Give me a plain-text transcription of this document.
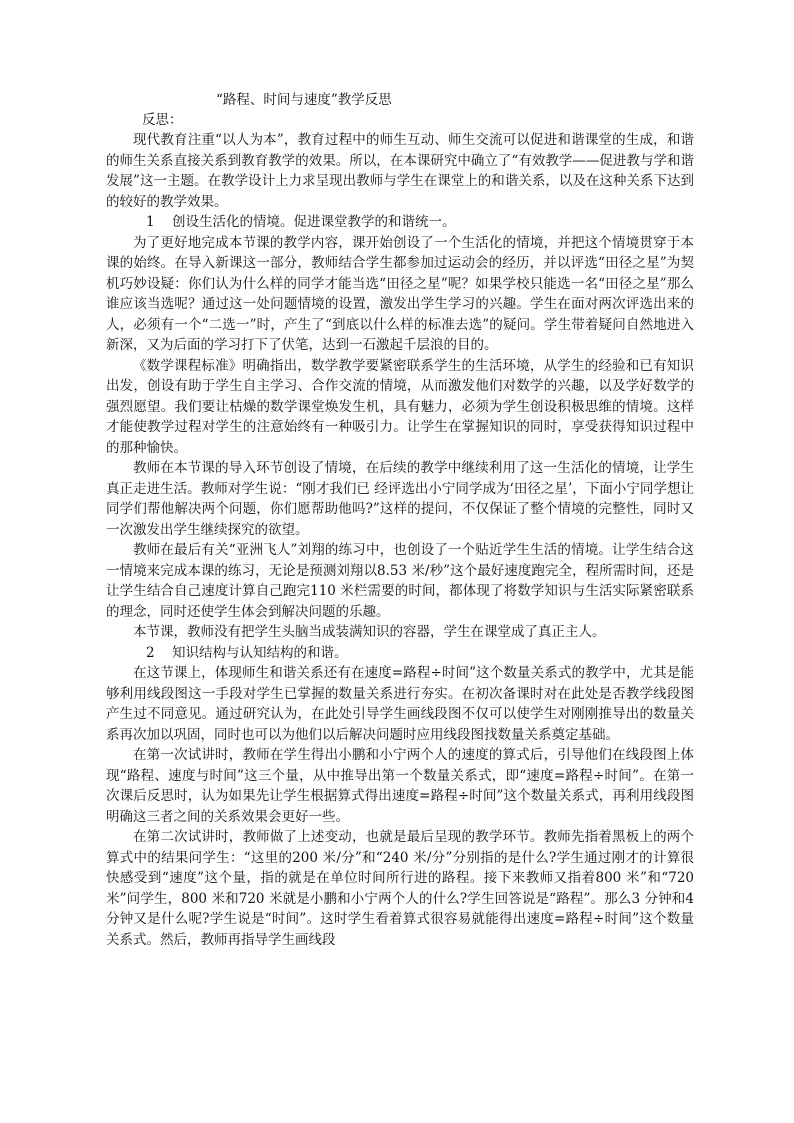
“路程、时间与速度”教学反思

反思：

现代教育注重“以人为本”，教育过程中的师生互动、师生交流可以促进和谐课堂的生成，和谐的师生关系直接关系到教育教学的效果。所以，在本课研究中确立了“有效教学——促进教与学和谐发展”这一主题。在教学设计上力求呈现出教师与学生在课堂上的和谐关系，以及在这种关系下达到的较好的教学效果。

1 创设生活化的情境。促进课堂教学的和谐统一。

为了更好地完成本节课的教学内容，课开始创设了一个生活化的情境，并把这个情境贯穿于本课的始终。在导入新课这一部分，教师结合学生都参加过运动会的经历，并以评选“田径之星”为契机巧妙设疑：你们认为什么样的同学才能当选“田径之星”呢？如果学校只能选一名“田径之星”那么谁应该当选呢？通过这一处问题情境的设置，激发出学生学习的兴趣。学生在面对两次评选出来的人，必须有一个“二选一”时，产生了“到底以什么样的标准去选”的疑问。学生带着疑问自然地进入新深，又为后面的学习打下了伏笔，达到一石激起千层浪的目的。

《数学课程标准》明确指出，数学教学要紧密联系学生的生活环境，从学生的经验和已有知识出发，创设有助于学生自主学习、合作交流的情境，从而激发他们对数学的兴趣，以及学好数学的强烈愿望。我们要让枯燥的数学课堂焕发生机，具有魅力，必须为学生创设积极思维的情境。这样才能使教学过程对学生的注意始终有一种吸引力。让学生在掌握知识的同时，享受获得知识过程中的那种愉快。

教师在本节课的导入环节创设了情境，在后续的教学中继续利用了这一生活化的情境，让学生真正走进生活。教师对学生说：“刚才我们已 经评选出小宁同学成为‘田径之星’，下面小宁同学想让同学们帮他解决两个问题，你们愿帮助他吗?”这样的提问，不仅保证了整个情境的完整性，同时又一次激发出学生继续探究的欲望。

教师在最后有关“亚洲飞人”刘翔的练习中，也创设了一个贴近学生生活的情境。让学生结合这一情境来完成本课的练习，无论是预测刘翔以8.53 米/秒”这个最好速度跑完全，程所需时间，还是让学生结合自己速度计算自己跑完110 米栏需要的时间，都体现了将数学知识与生活实际紧密联系的理念，同时还使学生体会到解决问题的乐趣。

本节课，教师没有把学生头脑当成装满知识的容器，学生在课堂成了真正主人。

2 知识结构与认知结构的和谐。

在这节课上，体现师生和谐关系还有在速度=路程÷时间”这个数量关系式的教学中，尤其是能够利用线段图这一手段对学生已掌握的数量关系进行夯实。在初次备课时对在此处是否教学线段图产生过不同意见。通过研究认为，在此处引导学生画线段图不仅可以使学生对刚刚推导出的数量关系再次加以巩固，同时也可以为他们以后解决问题时应用线段图找数量关系奠定基础。

在第一次试讲时，教师在学生得出小鹏和小宁两个人的速度的算式后，引导他们在线段图上体现“路程、速度与时间”这三个量，从中推导出第一个数量关系式，即“速度=路程÷时间”。在第一次课后反思时，认为如果先让学生根据算式得出速度=路程÷时间”这个数量关系式，再利用线段图明确这三者之间的关系效果会更好一些。

在第二次试讲时，教师做了上述变动，也就是最后呈现的教学环节。教师先指着黑板上的两个算式中的结果问学生：“这里的200 米/分”和“240 米/分”分别指的是什么?学生通过刚才的计算很快感受到“速度”这个量，指的就是在单位时间所行进的路程。接下来教师又指着800 米”和“720 米”问学生，800 米和720 米就是小鹏和小宁两个人的什么?学生回答说是“路程”。那么3 分钟和4 分钟又是什么呢?学生说是“时间”。这时学生看着算式很容易就能得出速度=路程÷时间”这个数量关系式。然后，教师再指导学生画线段
